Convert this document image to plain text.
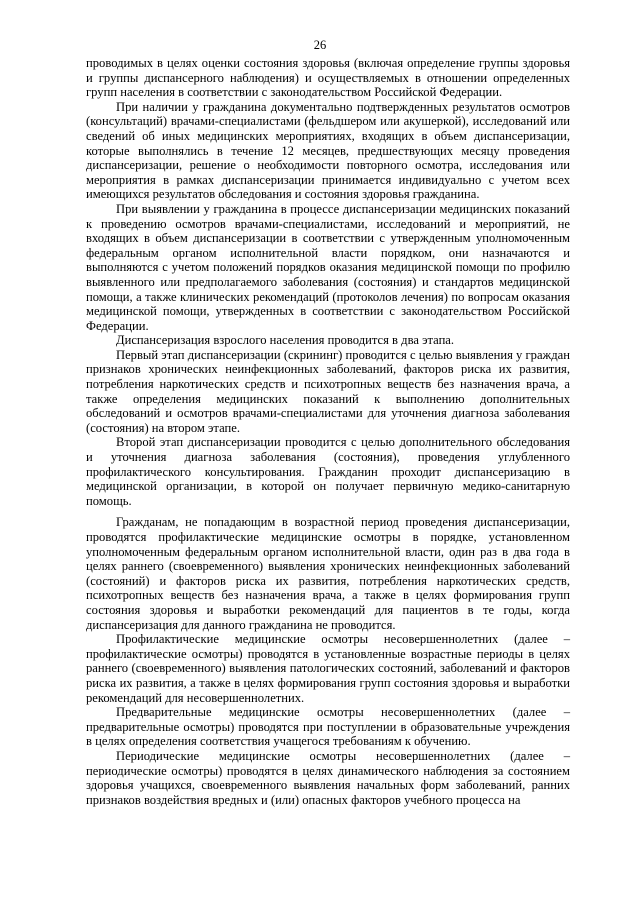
26

проводимых в целях оценки состояния здоровья (включая определение группы здоровья и группы диспансерного наблюдения) и осуществляемых в отношении определенных групп населения в соответствии с законодательством Российской Федерации.

При наличии у гражданина документально подтвержденных результатов осмотров (консультаций) врачами-специалистами (фельдшером или акушеркой), исследований или сведений об иных медицинских мероприятиях, входящих в объем диспансеризации, которые выполнялись в течение 12 месяцев, предшествующих месяцу проведения диспансеризации, решение о необходимости повторного осмотра, исследования или мероприятия в рамках диспансеризации принимается индивидуально с учетом всех имеющихся результатов обследования и состояния здоровья гражданина.

При выявлении у гражданина в процессе диспансеризации медицинских показаний к проведению осмотров врачами-специалистами, исследований и мероприятий, не входящих в объем диспансеризации в соответствии с утвержденным уполномоченным федеральным органом исполнительной власти порядком, они назначаются и выполняются с учетом положений порядков оказания медицинской помощи по профилю выявленного или предполагаемого заболевания (состояния) и стандартов медицинской помощи, а также клинических рекомендаций (протоколов лечения) по вопросам оказания медицинской помощи, утвержденных в соответствии с законодательством Российской Федерации.

Диспансеризация взрослого населения проводится в два этапа.

Первый этап диспансеризации (скрининг) проводится с целью выявления у граждан признаков хронических неинфекционных заболеваний, факторов риска их развития, потребления наркотических средств и психотропных веществ без назначения врача, а также определения медицинских показаний к выполнению дополнительных обследований и осмотров врачами-специалистами для уточнения диагноза заболевания (состояния) на втором этапе.

Второй этап диспансеризации проводится с целью дополнительного обследования и уточнения диагноза заболевания (состояния), проведения углубленного профилактического консультирования. Гражданин проходит диспансеризацию в медицинской организации, в которой он получает первичную медико-санитарную помощь.

Гражданам, не попадающим в возрастной период проведения диспансеризации, проводятся профилактические медицинские осмотры в порядке, установленном уполномоченным федеральным органом исполнительной власти, один раз в два года в целях раннего (своевременного) выявления хронических неинфекционных заболеваний (состояний) и факторов риска их развития, потребления наркотических средств, психотропных веществ без назначения врача, а также в целях формирования групп состояния здоровья и выработки рекомендаций для пациентов в те годы, когда диспансеризация для данного гражданина не проводится.

Профилактические медицинские осмотры несовершеннолетних (далее – профилактические осмотры) проводятся в установленные возрастные периоды в целях раннего (своевременного) выявления патологических состояний, заболеваний и факторов риска их развития, а также в целях формирования групп состояния здоровья и выработки рекомендаций для несовершеннолетних.

Предварительные медицинские осмотры несовершеннолетних (далее – предварительные осмотры) проводятся при поступлении в образовательные учреждения в целях определения соответствия учащегося требованиям к обучению.

Периодические медицинские осмотры несовершеннолетних (далее – периодические осмотры) проводятся в целях динамического наблюдения за состоянием здоровья учащихся, своевременного выявления начальных форм заболеваний, ранних признаков воздействия вредных и (или) опасных факторов учебного процесса на
